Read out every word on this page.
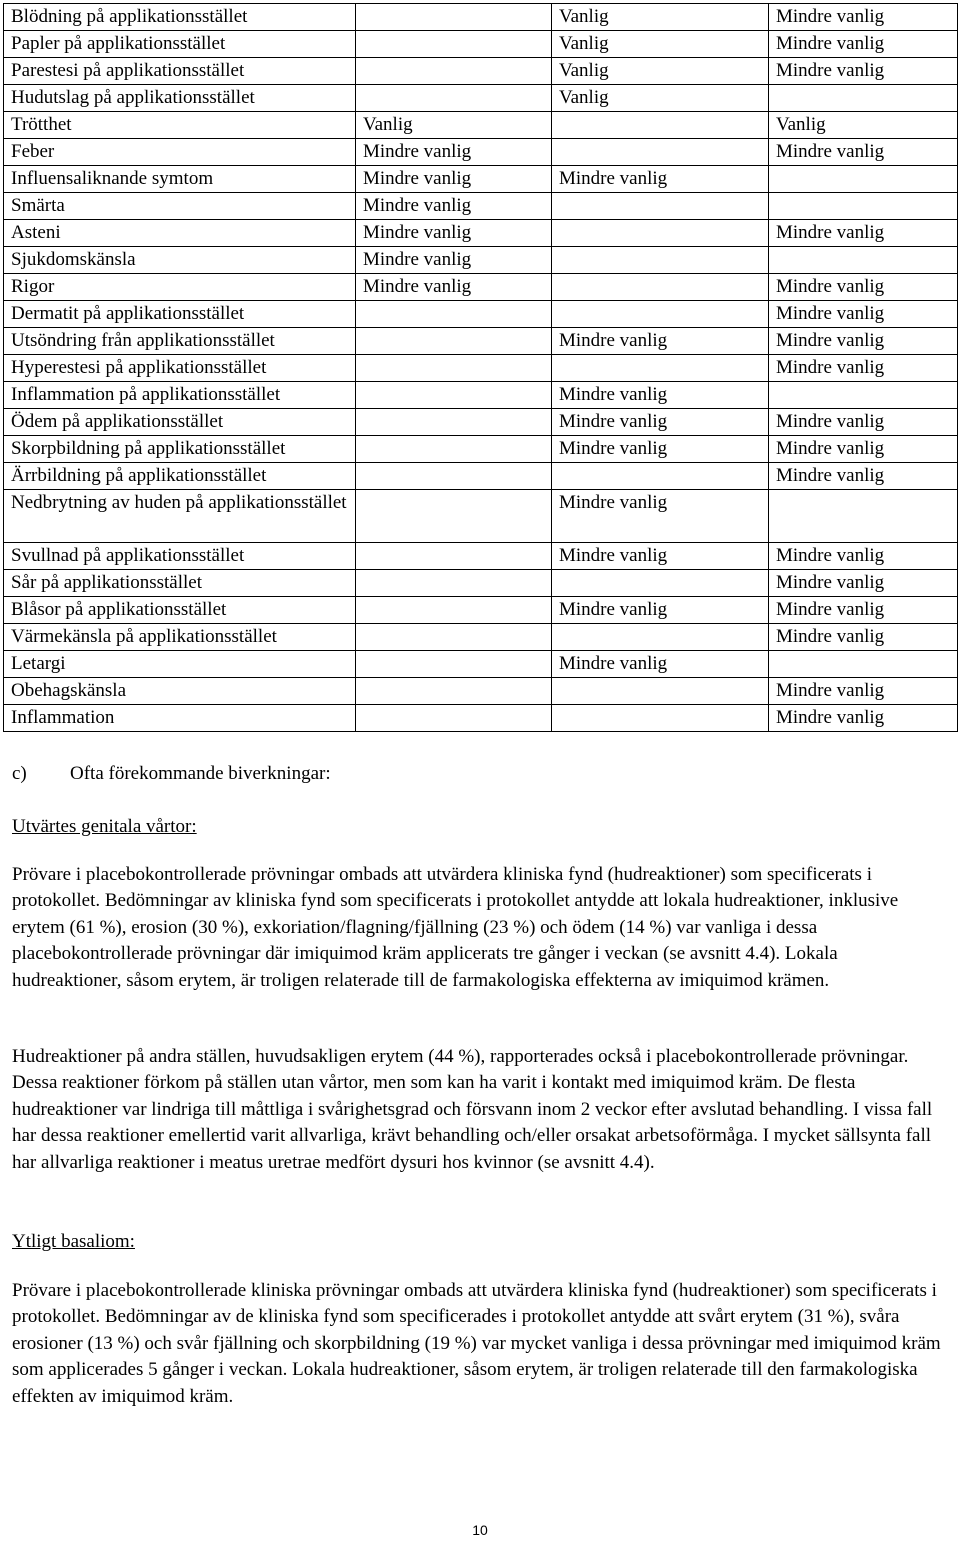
Blödning på applikationsstället		Vanlig	Mindre vanlig
Papler på applikationsstället		Vanlig	Mindre vanlig
Parestesi på applikationsstället		Vanlig	Mindre vanlig
Hudutslag på applikationsstället		Vanlig	
Trötthet	Vanlig		Vanlig
Feber	Mindre vanlig		Mindre vanlig
Influensaliknande symtom	Mindre vanlig	Mindre vanlig	
Smärta	Mindre vanlig		
Asteni	Mindre vanlig		Mindre vanlig
Sjukdomskänsla	Mindre vanlig		
Rigor	Mindre vanlig		Mindre vanlig
Dermatit på applikationsstället			Mindre vanlig
Utsöndring från applikationsstället		Mindre vanlig	Mindre vanlig
Hyperestesi på applikationsstället			Mindre vanlig
Inflammation på applikationsstället		Mindre vanlig	
Ödem på applikationsstället		Mindre vanlig	Mindre vanlig
Skorpbildning på applikationsstället		Mindre vanlig	Mindre vanlig
Ärrbildning på applikationsstället			Mindre vanlig
Nedbrytning av huden på applikationsstället		Mindre vanlig	
Svullnad på applikationsstället		Mindre vanlig	Mindre vanlig
Sår på applikationsstället			Mindre vanlig
Blåsor på applikationsstället		Mindre vanlig	Mindre vanlig
Värmekänsla på applikationsstället			Mindre vanlig
Letargi		Mindre vanlig	
Obehagskänsla			Mindre vanlig
Inflammation			Mindre vanlig
c) Ofta förekommande biverkningar:
Utvärtes genitala vårtor:
Prövare i placebokontrollerade prövningar ombads att utvärdera kliniska fynd (hudreaktioner) som specificerats i protokollet. Bedömningar av kliniska fynd som specificerats i protokollet antydde att lokala hudreaktioner, inklusive erytem (61 %), erosion (30 %), exkoriation/flagning/fjällning (23 %) och ödem (14 %) var vanliga i dessa placebokontrollerade prövningar där imiquimod kräm applicerats tre gånger i veckan (se avsnitt 4.4). Lokala hudreaktioner, såsom erytem, är troligen relaterade till de farmakologiska effekterna av imiquimod krämen.
Hudreaktioner på andra ställen, huvudsakligen erytem (44 %), rapporterades också i placebokontrollerade prövningar. Dessa reaktioner förkom på ställen utan vårtor, men som kan ha varit i kontakt med imiquimod kräm. De flesta hudreaktioner var lindriga till måttliga i svårighetsgrad och försvann inom 2 veckor efter avslutad behandling. I vissa fall har dessa reaktioner emellertid varit allvarliga, krävt behandling och/eller orsakat arbetsoförmåga. I mycket sällsynta fall har allvarliga reaktioner i meatus uretrae medfört dysuri hos kvinnor (se avsnitt 4.4).
Ytligt basaliom:
Prövare i placebokontrollerade kliniska prövningar ombads att utvärdera kliniska fynd (hudreaktioner) som specificerats i protokollet. Bedömningar av de kliniska fynd som specificerades i protokollet antydde att svårt erytem (31 %), svåra erosioner (13 %) och svår fjällning och skorpbildning (19 %) var mycket vanliga i dessa prövningar med imiquimod kräm som applicerades 5 gånger i veckan. Lokala hudreaktioner, såsom erytem, är troligen relaterade till den farmakologiska effekten av imiquimod kräm.
10
